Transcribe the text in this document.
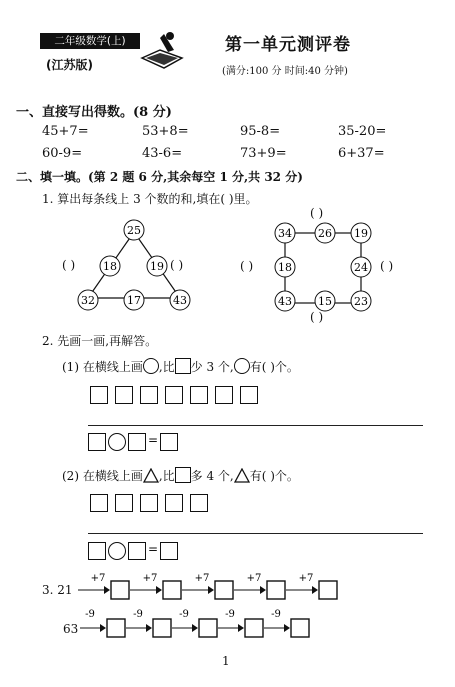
二年级数学(上)
(江苏版)
第一单元测评卷
(满分:100 分 时间:40 分钟)
一、直接写出得数。(8 分)
45+7=	53+8=	95-8=	35-20=
60-9=	43-6=	73+9=	6+37=
二、填一填。(第 2 题 6 分,其余每空 1 分,共 32 分)
1. 算出每条线上 3 个数的和,填在( )里。
25
18	19
32	17	43
( )	( )
34 26 19
18	24
43 15 23
( )
( )	( )
( )
2. 先画一画,再解答。
(1) 在横线上画 ,比 少 3 个, 有( )个。
=
(2) 在横线上画 ,比 多 4 个, 有( )个。
=
3. 21
+7	+7	+7	+7	+7
63
-9	-9	-9	-9	-9
1
